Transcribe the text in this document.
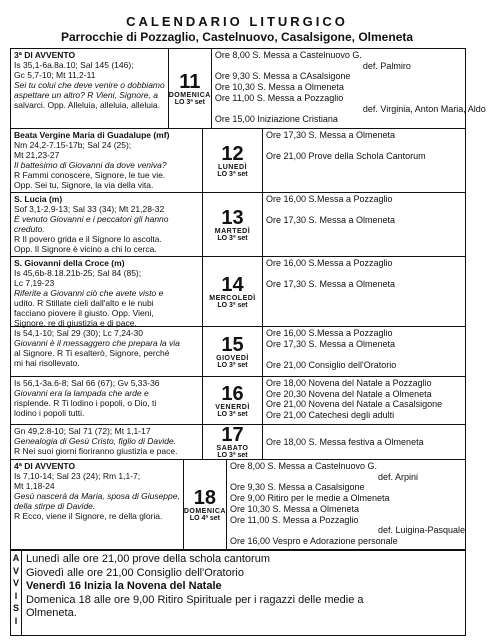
CALENDARIO LITURGICO
Parrocchie di Pozzaglio, Castelnuovo, Casalsigone, Olmeneta
3ª DI AVVENTO
Is 35,1-6a.8a.10; Sal 145 (146);
Gc 5,7-10; Mt 11,2-11
Sei tu colui che deve venire o dobbiamo
aspettare un altro? R Vieni, Signore, a
salvarci. Opp. Alleluia, alleluia, alleluia.
11
DOMENICA
LO 3ª set
Ore 8,00 S. Messa a Castelnuovo G.
def. Palmiro
Ore 9,30 S. Messa a CAsalsigone
Ore 10,30 S. Messa a Olmeneta
Ore 11,00 S. Messa a Pozzaglio
def. Virginia, Anton Maria, Aldo
Ore 15,00 Iniziazione Cristiana
Beata Vergine Maria di Guadalupe (mf)
Nm 24,2-7.15-17b; Sal 24 (25);
Mt 21,23-27
Il battesimo di Giovanni da dove veniva?
R Fammi conoscere, Signore, le tue vie.
Opp. Sei tu, Signore, la via della vita.
12
LUNEDÌ
LO 3ª set
Ore 17,30 S. Messa a Olmeneta

Ore 21,00 Prove della Schola Cantorum
S. Lucia (m)
Sof 3,1-2.9-13; Sal 33 (34); Mt 21,28-32
È venuto Giovanni e i peccatori gli hanno
creduto.
R Il povero grida e il Signore lo ascolta.
Opp. Il Signore è vicino a chi lo cerca.
13
MARTEDÌ
LO 3ª set
Ore 16,00 S.Messa a Pozzaglio

Ore 17,30 S. Messa a Olmeneta
S. Giovanni della Croce (m)
Is 45,6b-8.18.21b-25; Sal 84 (85);
Lc 7,19-23
Riferite a Giovanni ciò che avete visto e
udito. R Stillate cieli dall'alto e le nubi
facciano piovere il giusto. Opp. Vieni,
Signore, re di giustizia e di pace.
14
MERCOLEDÌ
LO 3ª set
Ore 16,00 S.Messa a Pozzaglio

Ore 17,30 S. Messa a Olmeneta
Is 54,1-10; Sal 29 (30); Lc 7,24-30
Giovanni è il messaggero che prepara la via
al Signore. R Ti esalterò, Signore, perché
mi hai risollevato.
15
GIOVEDÌ
LO 3ª set
Ore 16,00 S.Messa a Pozzaglio
Ore 17,30 S. Messa a Olmeneta

Ore 21,00 Consiglio dell'Oratorio
Is 56,1-3a.6-8; Sal 66 (67); Gv 5,33-36
Giovanni era la lampada che arde e
risplende. R Ti lodino i popoli, o Dio, ti
lodino i popoli tutti.
16
VENERDÌ
LO 3ª set
Ore 18,00 Novena del Natale a Pozzaglio
Ore 20,30 Novena del Natale a Olmeneta
Ore 21,00 Novena del Natale a Casalsigone
Ore 21,00 Catechesi degli adulti
Gn 49,2.8-10; Sal 71 (72); Mt 1,1-17
Genealogia di Gesù Cristo, figlio di Davide.
R Nei suoi giorni fioriranno giustizia e pace.
17
SABATO
LO 3ª set

Ore 18,00 S. Messa festiva a Olmeneta
4ª DI AVVENTO
Is 7,10-14; Sal 23 (24); Rm 1,1-7;
Mt 1,18-24
Gesù nascerà da Maria, sposa di Giuseppe,
della stirpe di Davide.
R Ecco, viene il Signore, re della gloria.
18
DOMENICA
LO 4ª set
Ore 8,00 S. Messa a Castelnuovo G.
def. Arpini
Ore 9,30 S. Messa a Casalsigone
Ore 9,00 Ritiro per le medie a Olmeneta
Ore 10,30 S. Messa a Olmeneta
Ore 11,00 S. Messa a Pozzaglio
def. Luigina-Pasquale
Ore 16,00 Vespro e Adorazione personale
A
V
V
I
S
I
Lunedì alle ore 21,00 prove della schola cantorum
Giovedì alle ore 21,00 Consiglio dell'Oratorio
Venerdì 16 Inizia la Novena del Natale
Domenica 18 alle ore 9,00 Ritiro Spirituale per i ragazzi delle medie a
Olmeneta.
